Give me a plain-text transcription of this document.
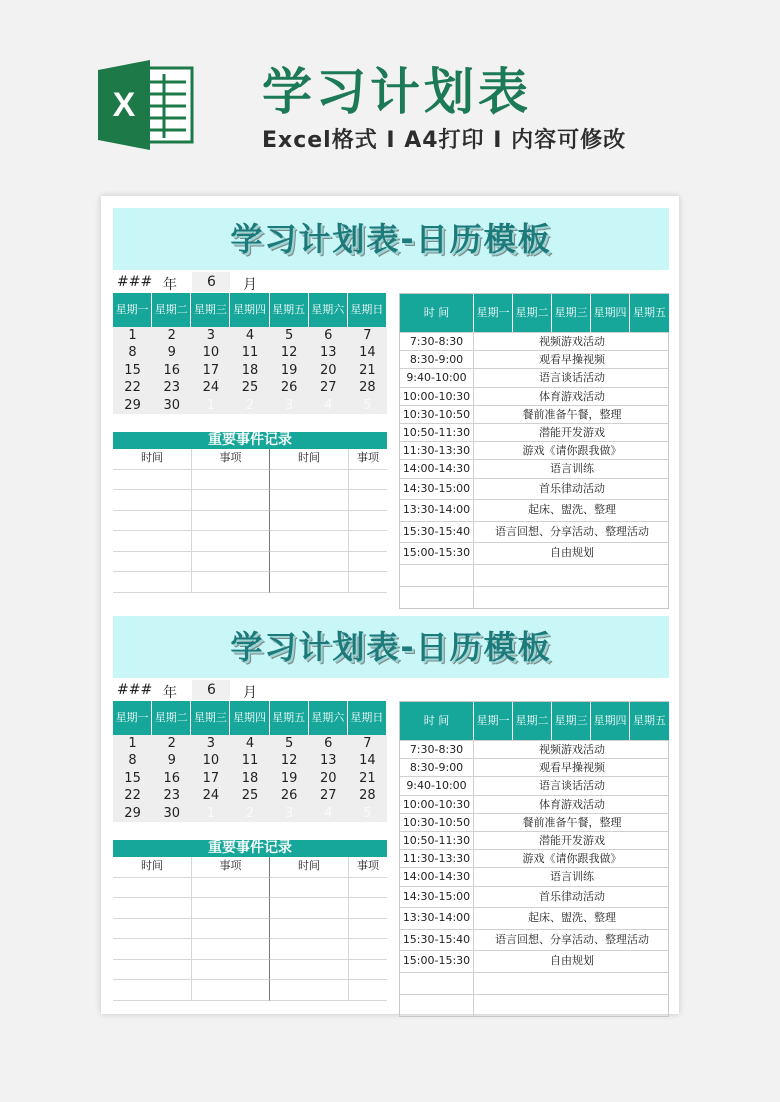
X	学习计划表
Excel格式 I A4打印 I 内容可修改
学习计划表-日历模板
### 年 6 月
星期一 星期二 星期三 星期四 星期五 星期六 星期日
1	2	3	4	5	6	7
8	9	10	11	12	13	14
15	16	17	18	19	20	21
22	23	24	25	26	27	28
29	30	1	2	3	4	5
重要事件记录
时间	事项	时间	事项
时 间	星期一 星期二 星期三 星期四 星期五
7:30-8:30	视频游戏活动
8:30-9:00	观看早操视频
9:40-10:00	语言谈话活动
10:00-10:30	体育游戏活动
10:30-10:50	餐前准备午餐，整理
10:50-11:30	潜能开发游戏
11:30-13:30	游戏《请你跟我做》
14:00-14:30	语言训练
14:30-15:00	首乐律动活动
13:30-14:00	起床、盥洗、整理
15:30-15:40	语言回想、分享活动、整理活动
15:00-15:30	自由规划
学习计划表-日历模板
### 年 6 月
星期一 星期二 星期三 星期四 星期五 星期六 星期日
1	2	3	4	5	6	7
8	9	10	11	12	13	14
15	16	17	18	19	20	21
22	23	24	25	26	27	28
29	30	1	2	3	4	5
重要事件记录
时间	事项	时间	事项
时 间	星期一 星期二 星期三 星期四 星期五
7:30-8:30	视频游戏活动
8:30-9:00	观看早操视频
9:40-10:00	语言谈话活动
10:00-10:30	体育游戏活动
10:30-10:50	餐前准备午餐，整理
10:50-11:30	潜能开发游戏
11:30-13:30	游戏《请你跟我做》
14:00-14:30	语言训练
14:30-15:00	首乐律动活动
13:30-14:00	起床、盥洗、整理
15:30-15:40	语言回想、分享活动、整理活动
15:00-15:30	自由规划
